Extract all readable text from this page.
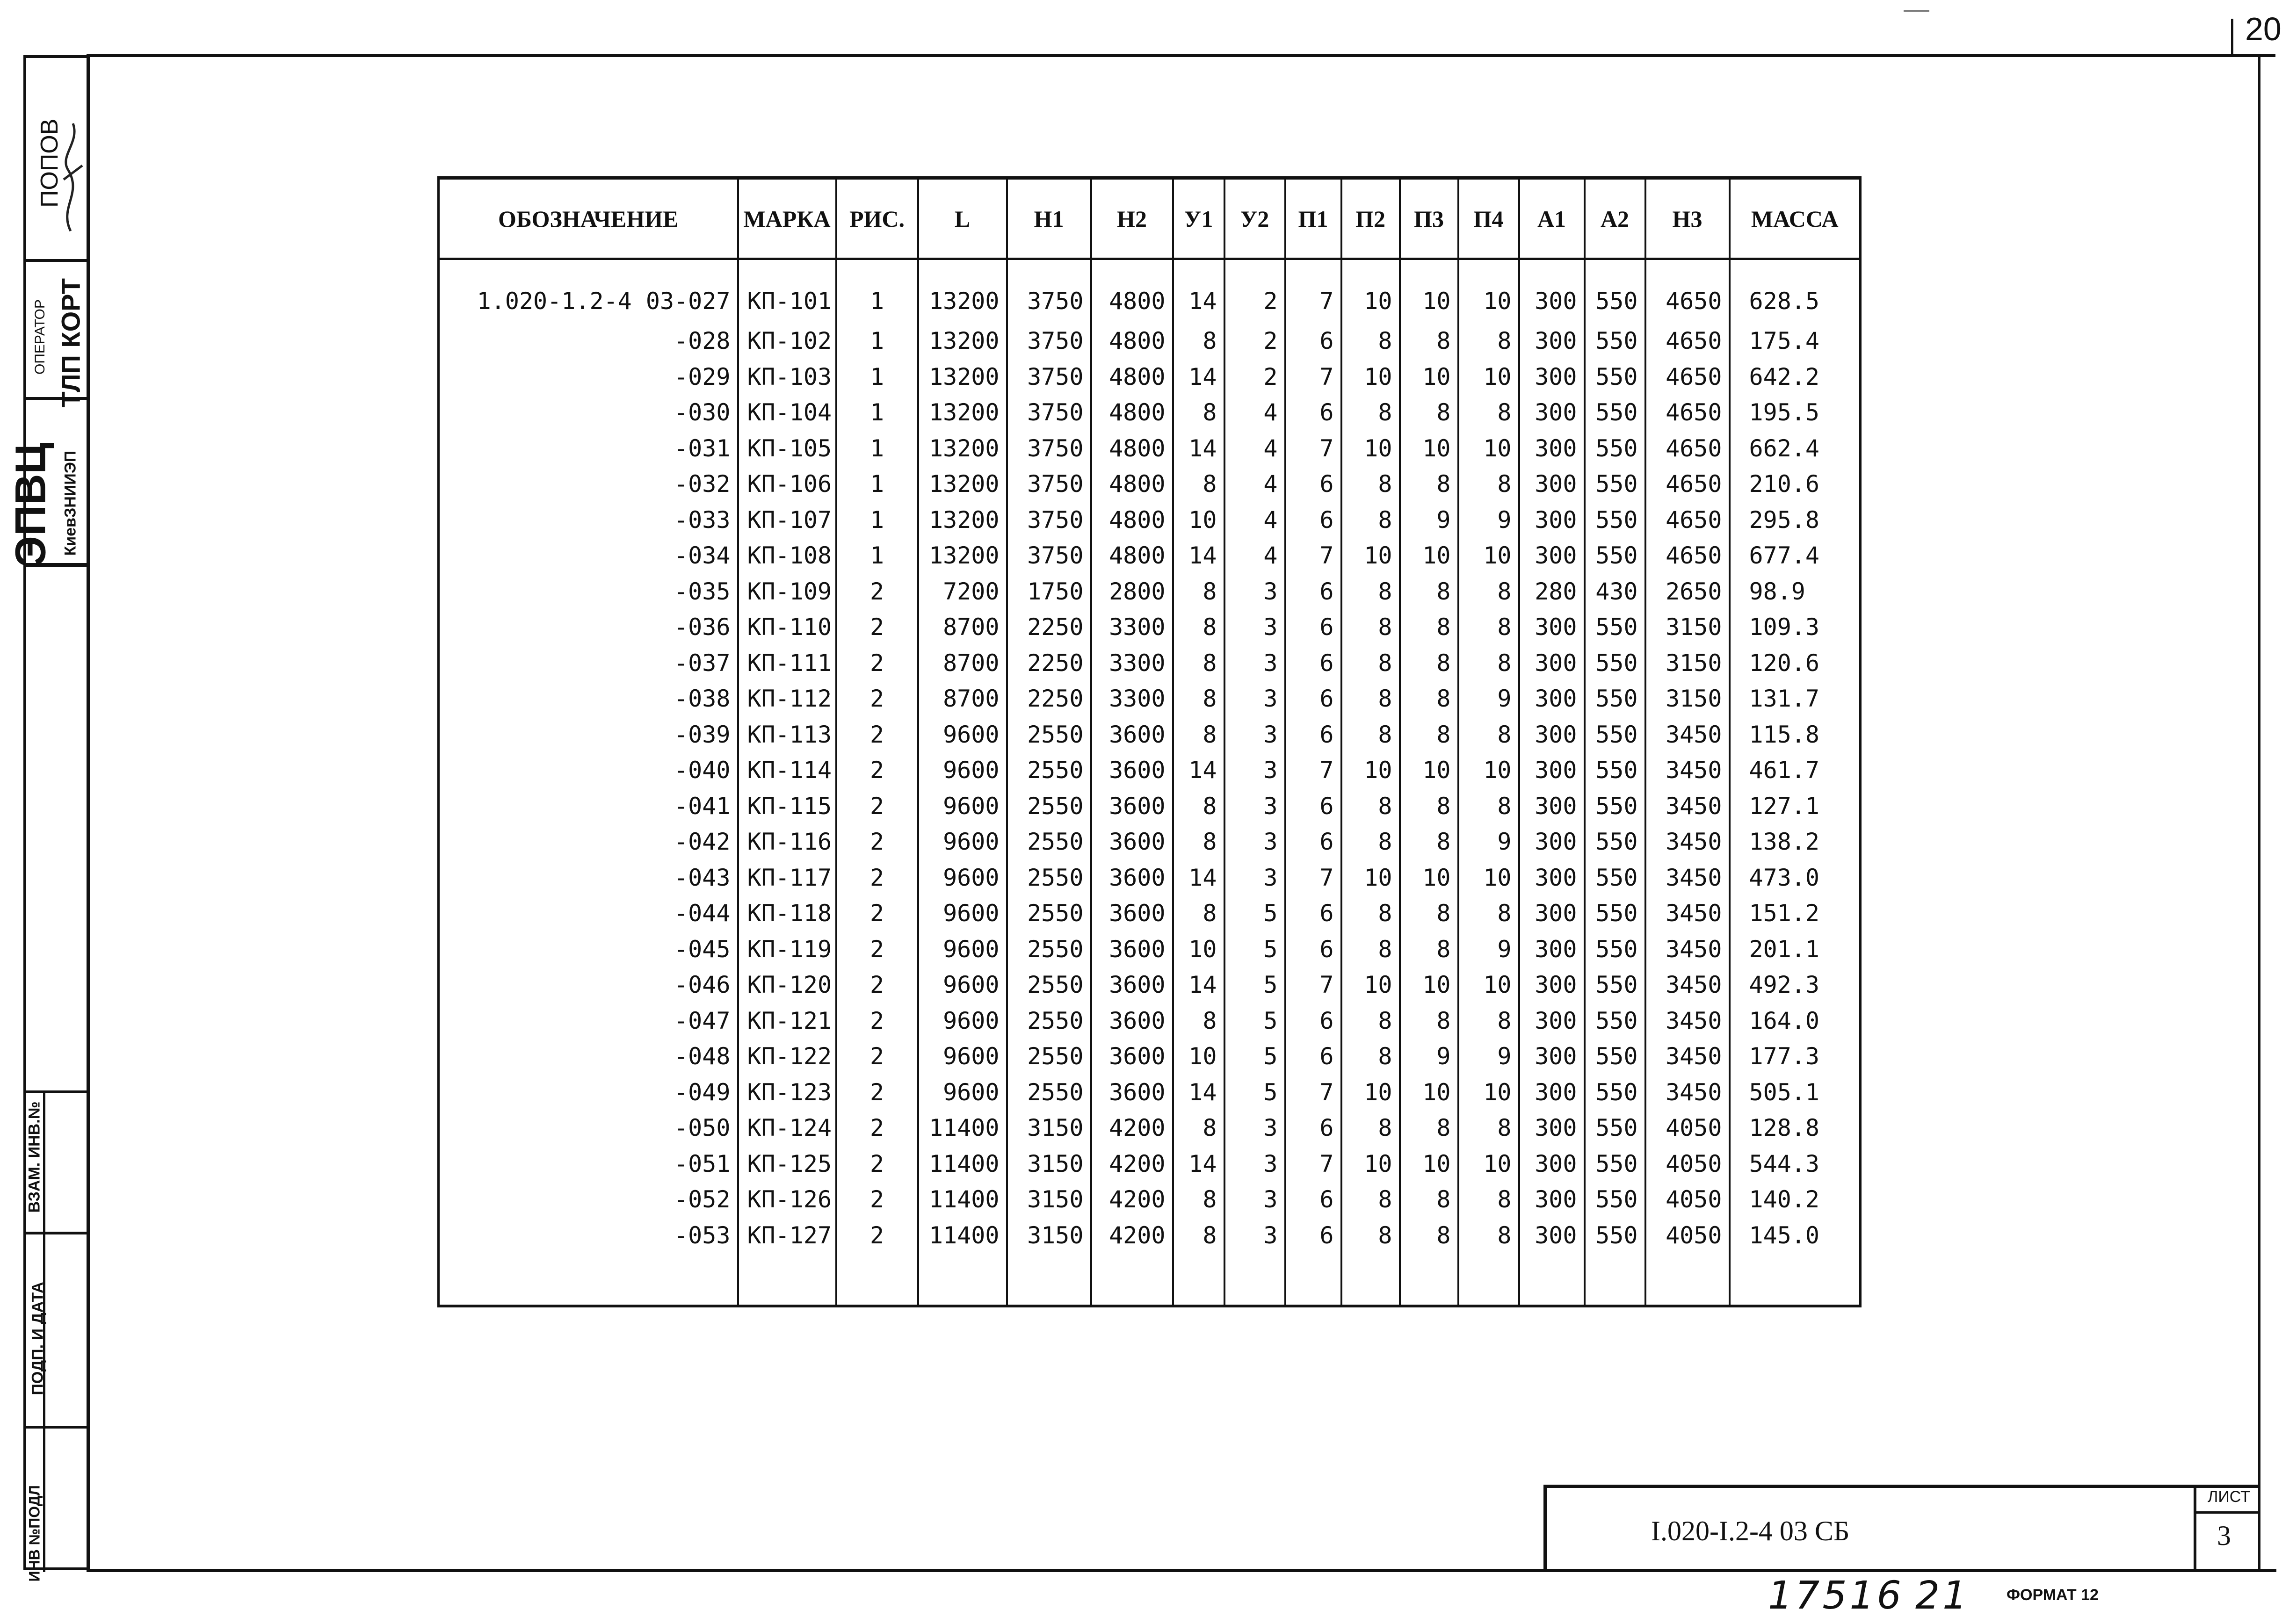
20
ПОПОВ
ОПЕРАТОР ТЛП КОРТ
ЭПВЦ КиевЗНИИЭП
ВЗАМ. ИНВ.№
ПОДП. И ДАТА
ИНВ №ПОДЛ
ОБОЗНАЧЕНИЕ	МАРКА	РИС.	L	Н1	Н2	У1	У2	П1	П2	П3	П4	А1	А2	Н3	МАССА
1.020-1.2-4 03-027	КП-101	1	13200	3750	4800	14	2	7	10	10	10	300	550	4650	628.5
-028	КП-102	1	13200	3750	4800	8	2	6	8	8	8	300	550	4650	175.4
-029	КП-103	1	13200	3750	4800	14	2	7	10	10	10	300	550	4650	642.2
-030	КП-104	1	13200	3750	4800	8	4	6	8	8	8	300	550	4650	195.5
-031	КП-105	1	13200	3750	4800	14	4	7	10	10	10	300	550	4650	662.4
-032	КП-106	1	13200	3750	4800	8	4	6	8	8	8	300	550	4650	210.6
-033	КП-107	1	13200	3750	4800	10	4	6	8	9	9	300	550	4650	295.8
-034	КП-108	1	13200	3750	4800	14	4	7	10	10	10	300	550	4650	677.4
-035	КП-109	2	7200	1750	2800	8	3	6	8	8	8	280	430	2650	98.9
-036	КП-110	2	8700	2250	3300	8	3	6	8	8	8	300	550	3150	109.3
-037	КП-111	2	8700	2250	3300	8	3	6	8	8	8	300	550	3150	120.6
-038	КП-112	2	8700	2250	3300	8	3	6	8	8	9	300	550	3150	131.7
-039	КП-113	2	9600	2550	3600	8	3	6	8	8	8	300	550	3450	115.8
-040	КП-114	2	9600	2550	3600	14	3	7	10	10	10	300	550	3450	461.7
-041	КП-115	2	9600	2550	3600	8	3	6	8	8	8	300	550	3450	127.1
-042	КП-116	2	9600	2550	3600	8	3	6	8	8	9	300	550	3450	138.2
-043	КП-117	2	9600	2550	3600	14	3	7	10	10	10	300	550	3450	473.0
-044	КП-118	2	9600	2550	3600	8	5	6	8	8	8	300	550	3450	151.2
-045	КП-119	2	9600	2550	3600	10	5	6	8	8	9	300	550	3450	201.1
-046	КП-120	2	9600	2550	3600	14	5	7	10	10	10	300	550	3450	492.3
-047	КП-121	2	9600	2550	3600	8	5	6	8	8	8	300	550	3450	164.0
-048	КП-122	2	9600	2550	3600	10	5	6	8	9	9	300	550	3450	177.3
-049	КП-123	2	9600	2550	3600	14	5	7	10	10	10	300	550	3450	505.1
-050	КП-124	2	11400	3150	4200	8	3	6	8	8	8	300	550	4050	128.8
-051	КП-125	2	11400	3150	4200	14	3	7	10	10	10	300	550	4050	544.3
-052	КП-126	2	11400	3150	4200	8	3	6	8	8	8	300	550	4050	140.2
-053	КП-127	2	11400	3150	4200	8	3	6	8	8	8	300	550	4050	145.0

I.020-I.2-4 03 СБ
ЛИСТ
3
17516 21 ФОРМАТ 12
